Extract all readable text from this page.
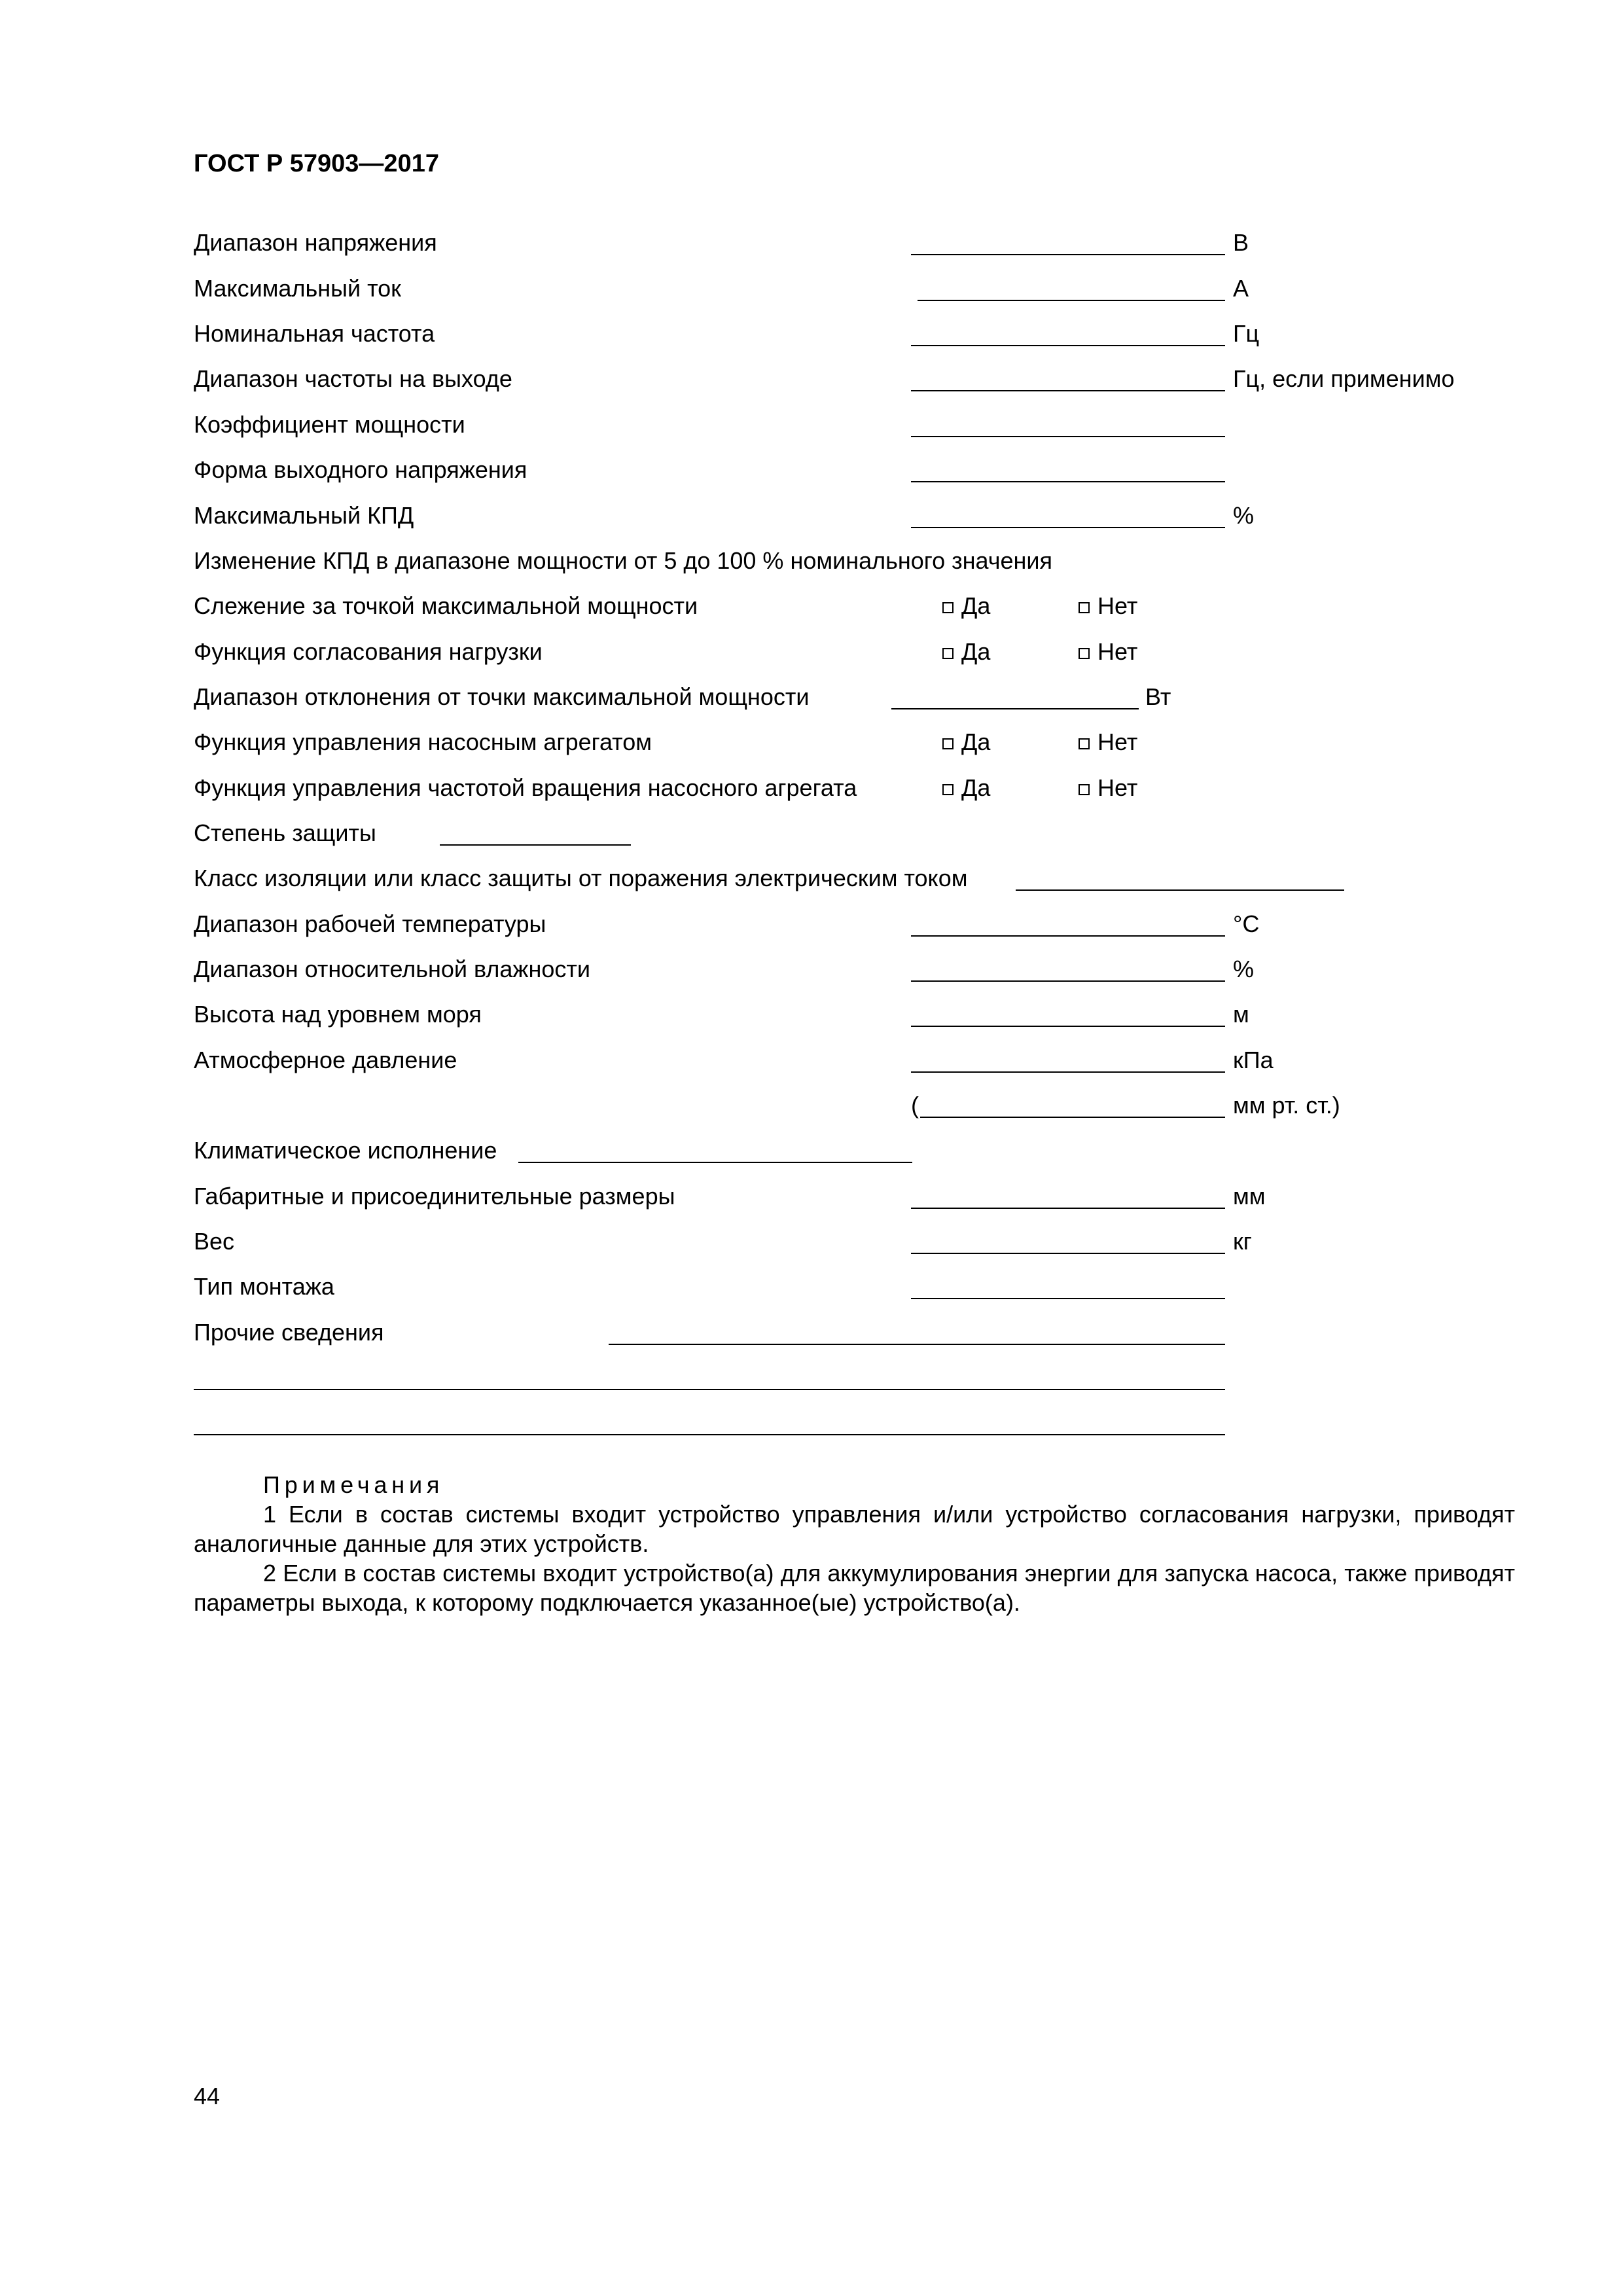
ГОСТ Р 57903—2017
Диапазон напряжения	В
Максимальный ток	А
Номинальная частота	Гц
Диапазон частоты на выходе	Гц, если применимо
Коэффициент мощности
Форма выходного напряжения
Максимальный КПД	%
Изменение КПД в диапазоне мощности от 5 до 100 % номинального значения
Слежение за точкой максимальной мощности	Да	Нет
Функция согласования нагрузки	Да	Нет
Диапазон отклонения от точки максимальной мощности	Вт
Функция управления насосным агрегатом	Да	Нет
Функция управления частотой вращения насосного агрегата	Да	Нет
Степень защиты
Класс изоляции или класс защиты от поражения электрическим током
Диапазон рабочей температуры	°С
Диапазон относительной влажности	%
Высота над уровнем моря	м
Атмосферное давление	кПа
(	мм рт. ст.)
Климатическое исполнение
Габаритные и присоединительные размеры	мм
Вес	кг
Тип монтажа
Прочие сведения

Примечания

1 Если в состав системы входит устройство управления и/или устройство согласования нагрузки, приводят аналогичные данные для этих устройств.

2 Если в состав системы входит устройство(а) для аккумулирования энергии для запуска насоса, также приводят параметры выхода, к которому подключается указанное(ые) устройство(а).

44
